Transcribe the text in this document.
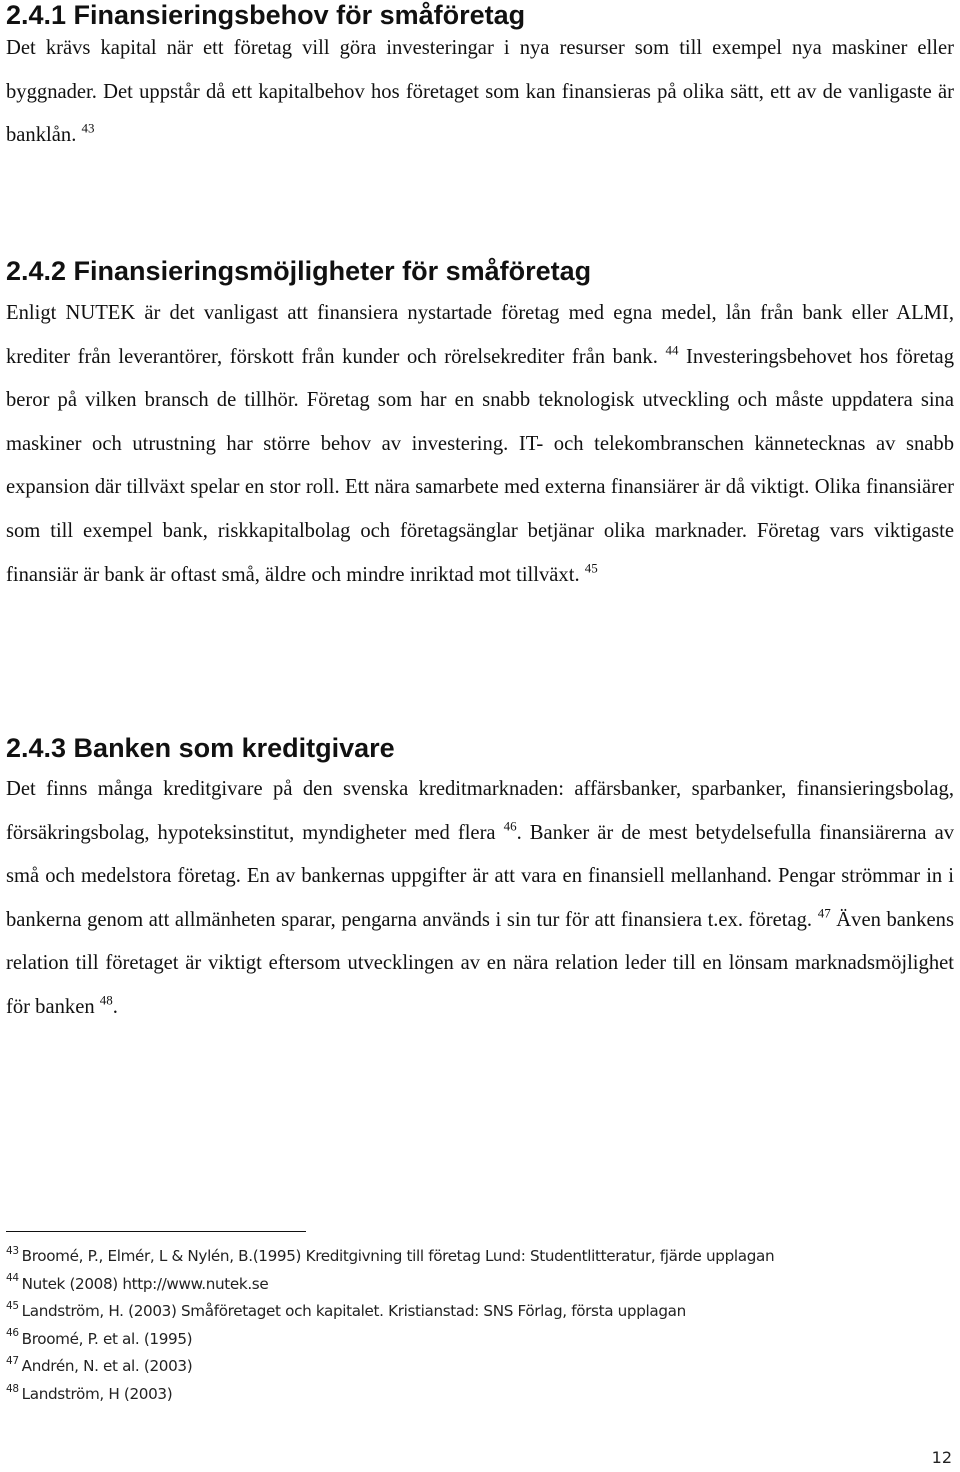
2.4.1 Finansieringsbehov för småföretag

Det krävs kapital när ett företag vill göra investeringar i nya resurser som till exempel nya maskiner eller byggnader. Det uppstår då ett kapitalbehov hos företaget som kan finansieras på olika sätt, ett av de vanligaste är banklån. $^{43}$

2.4.2 Finansieringsmöjligheter för småföretag

Enligt NUTEK är det vanligast att finansiera nystartade företag med egna medel, lån från bank eller ALMI, krediter från leverantörer, förskott från kunder och rörelsekrediter från bank. $^{44}$ Investeringsbehovet hos företag beror på vilken bransch de tillhör. Företag som har en snabb teknologisk utveckling och måste uppdatera sina maskiner och utrustning har större behov av investering. IT- och telekombranschen kännetecknas av snabb expansion där tillväxt spelar en stor roll. Ett nära samarbete med externa finansiärer är då viktigt. Olika finansiärer som till exempel bank, riskkapitalbolag och företagsänglar betjänar olika marknader. Företag vars viktigaste finansiär är bank är oftast små, äldre och mindre inriktad mot tillväxt. $^{45}$

2.4.3 Banken som kreditgivare

Det finns många kreditgivare på den svenska kreditmarknaden: affärsbanker, sparbanker, finansieringsbolag, försäkringsbolag, hypoteksinstitut, myndigheter med flera $^{46}$. Banker är de mest betydelsefulla finansiärerna av små och medelstora företag. En av bankernas uppgifter är att vara en finansiell mellanhand. Pengar strömmar in i bankerna genom att allmänheten sparar, pengarna används i sin tur för att finansiera t.ex. företag. $^{47}$ Även bankens relation till företaget är viktigt eftersom utvecklingen av en nära relation leder till en lönsam marknadsmöjlighet för banken $^{48}$.

$^{43}$ Broomé, P., Elmér, L & Nylén, B.(1995) Kreditgivning till företag Lund: Studentlitteratur, fjärde upplagan
$^{44}$ Nutek (2008) http://www.nutek.se
$^{45}$ Landström, H. (2003) Småföretaget och kapitalet. Kristianstad: SNS Förlag, första upplagan
$^{46}$ Broomé, P. et al. (1995)
$^{47}$ Andrén, N. et al. (2003)
$^{48}$ Landström, H (2003)
12
